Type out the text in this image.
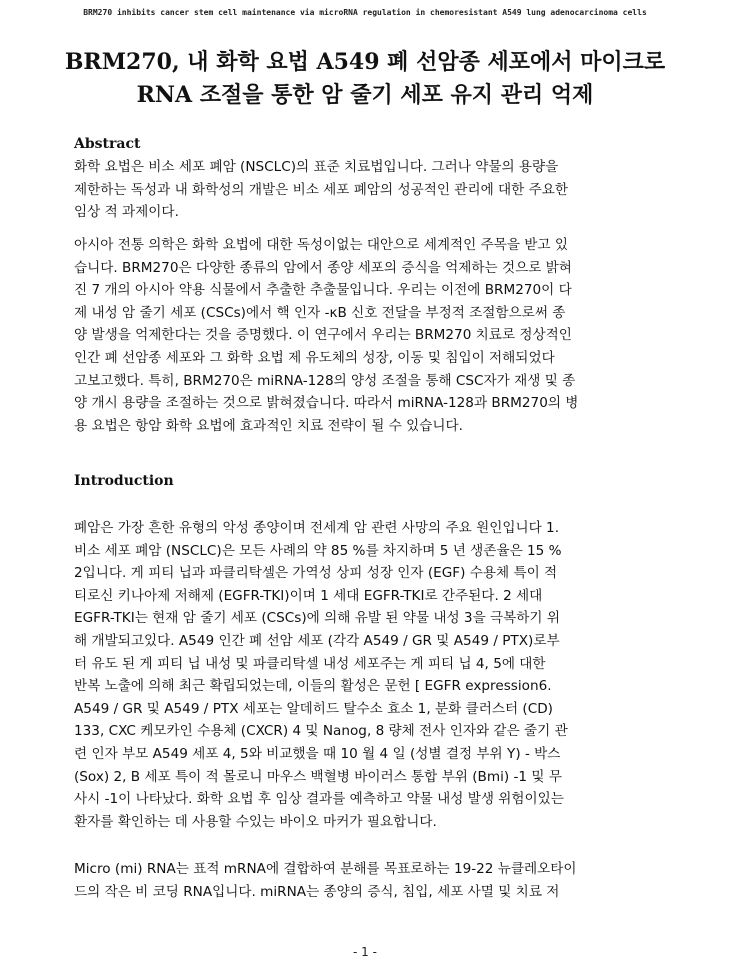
BRM270 inhibits cancer stem cell maintenance via microRNA regulation in chemoresistant A549 lung adenocarcinoma cells
BRM270, 내 화학 요법 A549 폐 선암종 세포에서 마이크로
RNA 조절을 통한 암 줄기 세포 유지 관리 억제
Abstract
화학 요법은 비소 세포 폐암 (NSCLC)의 표준 치료법입니다. 그러나 약물의 용량을
제한하는 독성과 내 화학성의 개발은 비소 세포 폐암의 성공적인 관리에 대한 주요한
임상 적 과제이다.
아시아 전통 의학은 화학 요법에 대한 독성이없는 대안으로 세계적인 주목을 받고 있
습니다. BRM270은 다양한 종류의 암에서 종양 세포의 증식을 억제하는 것으로 밝혀
진 7 개의 아시아 약용 식물에서 추출한 추출물입니다. 우리는 이전에 BRM270이 다
제 내성 암 줄기 세포 (CSCs)에서 핵 인자 -κB 신호 전달을 부정적 조절함으로써 종
양 발생을 억제한다는 것을 증명했다. 이 연구에서 우리는 BRM270 치료로 정상적인
인간 폐 선암종 세포와 그 화학 요법 제 유도체의 성장, 이동 및 침입이 저해되었다
고보고했다. 특히, BRM270은 miRNA-128의 양성 조절을 통해 CSC자가 재생 및 종
양 개시 용량을 조절하는 것으로 밝혀졌습니다. 따라서 miRNA-128과 BRM270의 병
용 요법은 항암 화학 요법에 효과적인 치료 전략이 될 수 있습니다.
Introduction
폐암은 가장 흔한 유형의 악성 종양이며 전세계 암 관련 사망의 주요 원인입니다 1.
비소 세포 폐암 (NSCLC)은 모든 사례의 약 85 %를 차지하며 5 년 생존율은 15 %
2입니다. 게 피티 닙과 파클리탁셀은 가역성 상피 성장 인자 (EGF) 수용체 특이 적
티로신 키나아제 저해제 (EGFR-TKI)이며 1 세대 EGFR-TKI로 간주된다. 2 세대
EGFR-TKI는 현재 암 줄기 세포 (CSCs)에 의해 유발 된 약물 내성 3을 극복하기 위
해 개발되고있다. A549 인간 폐 선암 세포 (각각 A549 / GR 및 A549 / PTX)로부
터 유도 된 게 피티 닙 내성 및 파클리탁셀 내성 세포주는 게 피티 닙 4, 5에 대한
반복 노출에 의해 최근 확립되었는데, 이들의 활성은 문헌 [ EGFR expression6.
A549 / GR 및 A549 / PTX 세포는 알데히드 탈수소 효소 1, 분화 클러스터 (CD)
133, CXC 케모카인 수용체 (CXCR) 4 및 Nanog, 8 량체 전사 인자와 같은 줄기 관
련 인자 부모 A549 세포 4, 5와 비교했을 때 10 월 4 일 (성별 결정 부위 Y) - 박스
(Sox) 2, B 세포 특이 적 몰로니 마우스 백혈병 바이러스 통합 부위 (Bmi) -1 및 무
사시 -1이 나타났다. 화학 요법 후 임상 결과를 예측하고 약물 내성 발생 위험이있는
환자를 확인하는 데 사용할 수있는 바이오 마커가 필요합니다.
Micro (mi) RNA는 표적 mRNA에 결합하여 분해를 목표로하는 19-22 뉴클레오타이
드의 작은 비 코딩 RNA입니다. miRNA는 종양의 증식, 침입, 세포 사멸 및 치료 저
- 1 -
